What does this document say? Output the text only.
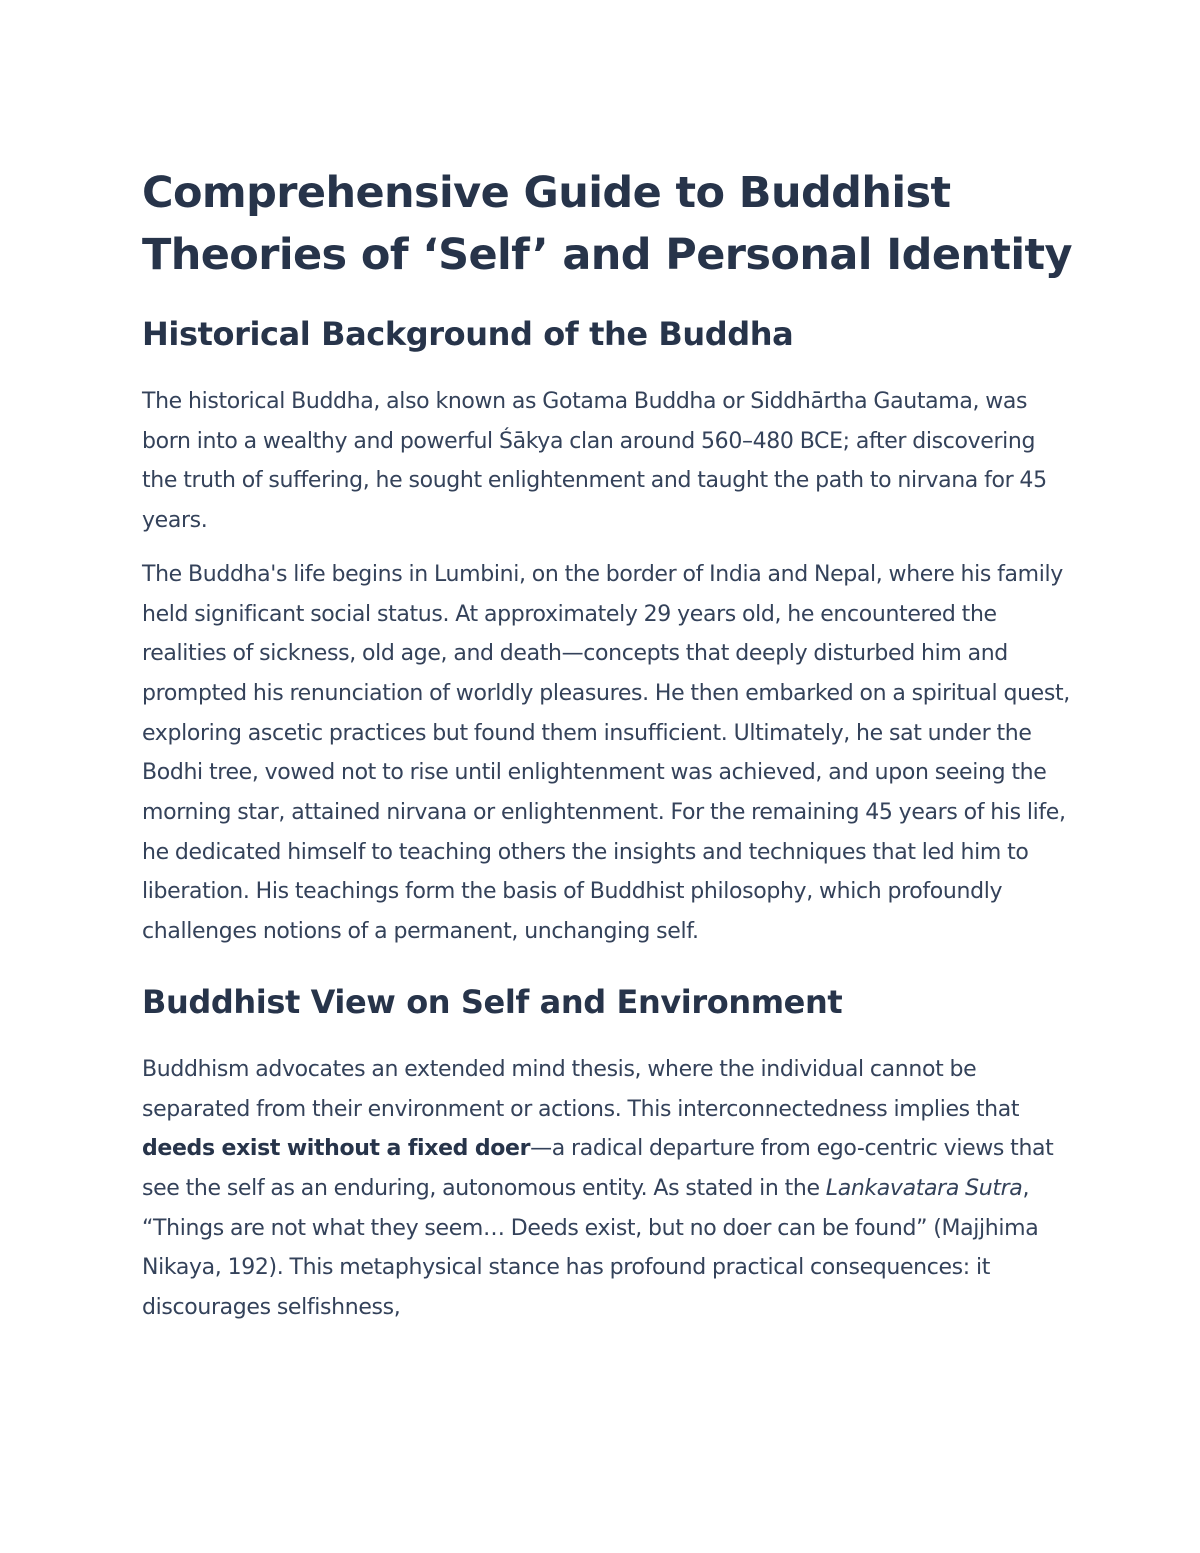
Comprehensive Guide to Buddhist Theories of ‘Self’ and Personal Identity
Historical Background of the Buddha

The historical Buddha, also known as Gotama Buddha or Siddhārtha Gautama, was born into a wealthy and powerful Śākya clan around 560–480 BCE; after discovering the truth of suffering, he sought enlightenment and taught the path to nirvana for 45 years.

The Buddha's life begins in Lumbini, on the border of India and Nepal, where his family held significant social status. At approximately 29 years old, he encountered the realities of sickness, old age, and death—concepts that deeply disturbed him and prompted his renunciation of worldly pleasures. He then embarked on a spiritual quest, exploring ascetic practices but found them insufficient. Ultimately, he sat under the Bodhi tree, vowed not to rise until enlightenment was achieved, and upon seeing the morning star, attained nirvana or enlightenment. For the remaining 45 years of his life, he dedicated himself to teaching others the insights and techniques that led him to liberation. His teachings form the basis of Buddhist philosophy, which profoundly challenges notions of a permanent, unchanging self.

Buddhist View on Self and Environment

Buddhism advocates an extended mind thesis, where the individual cannot be separated from their environment or actions. This interconnectedness implies that deeds exist without a fixed doer—a radical departure from ego-centric views that see the self as an enduring, autonomous entity. As stated in the Lankavatara Sutra, “Things are not what they seem… Deeds exist, but no doer can be found” (Majjhima Nikaya, 192). This metaphysical stance has profound practical consequences: it discourages selfishness,
